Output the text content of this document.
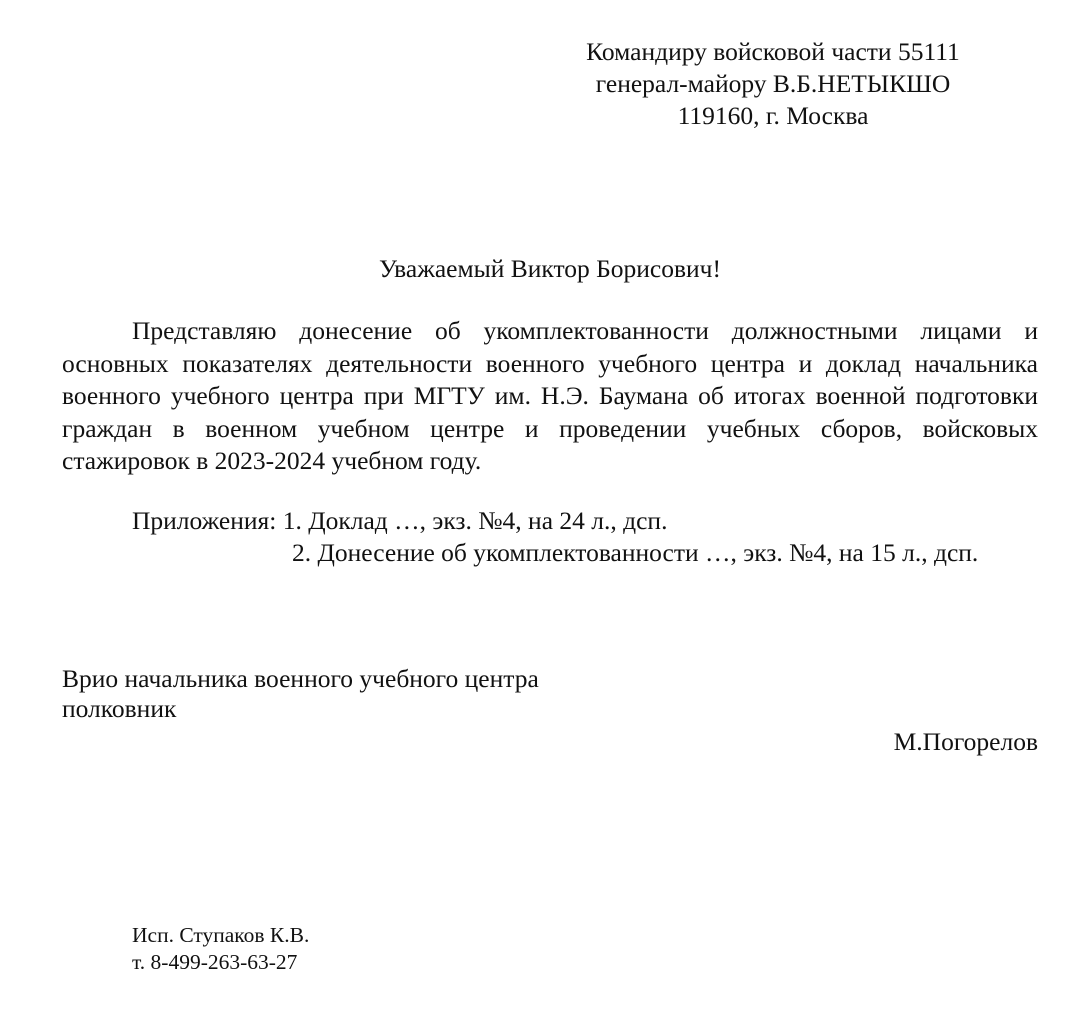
Командиру войсковой части 55111
генерал-майору В.Б.НЕТЫКШО
119160, г. Москва
Уважаемый Виктор Борисович!
Представляю донесение об укомплектованности должностными лицами и основных показателях деятельности военного учебного центра и доклад начальника военного учебного центра при МГТУ им. Н.Э. Баумана об итогах военной подготовки граждан в военном учебном центре и проведении учебных сборов, войсковых стажировок в 2023-2024 учебном году.
Приложения: 1. Доклад …, экз. №4, на 24 л., дсп.
2. Донесение об укомплектованности …, экз. №4, на 15 л., дсп.
Врио начальника военного учебного центра
полковник
М.Погорелов
Исп. Ступаков К.В.
т. 8-499-263-63-27
